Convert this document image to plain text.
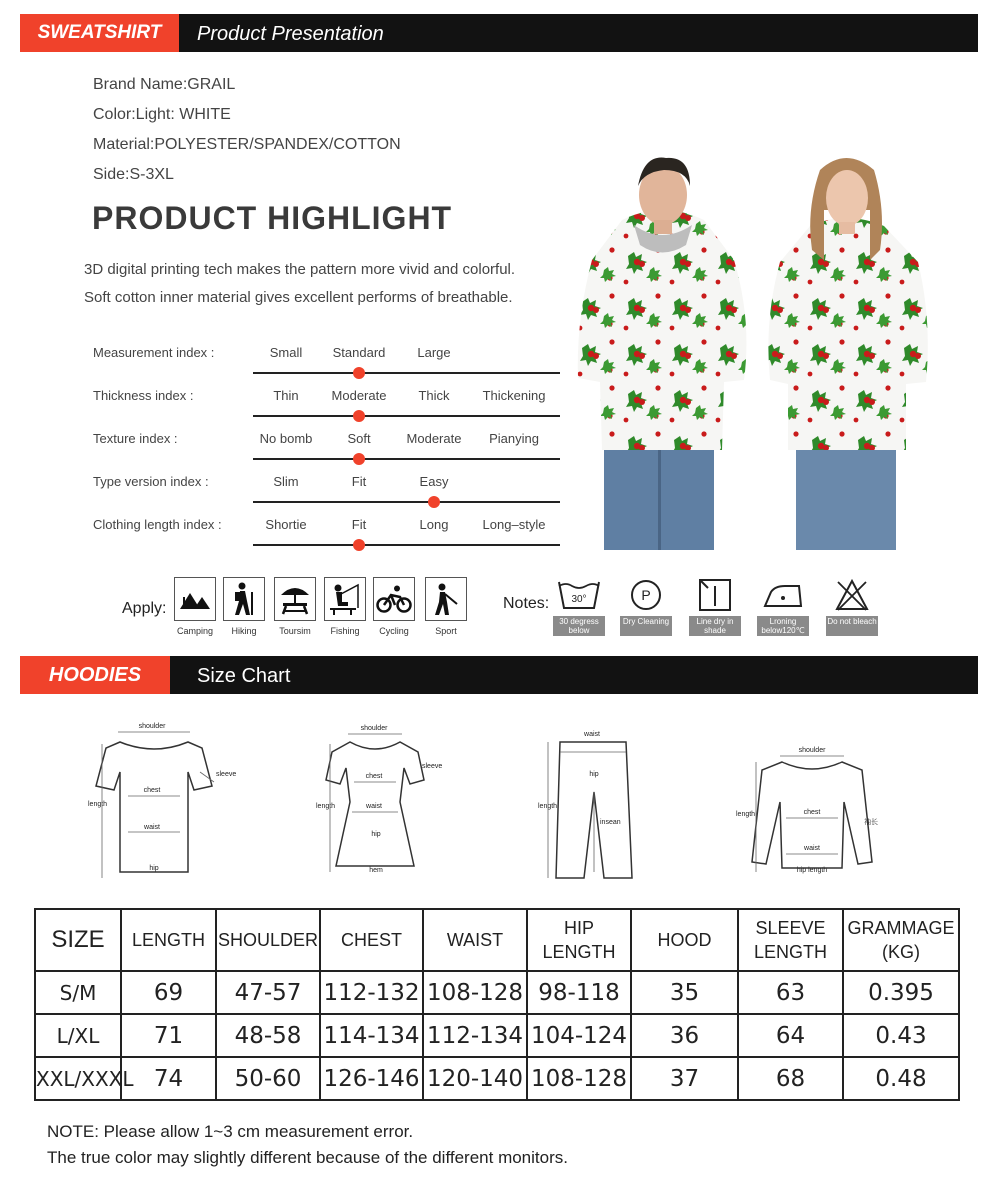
SWEATSHIRT	Product Presentation
Brand Name:GRAIL
Color:Light: WHITE
Material:POLYESTER/SPANDEX/COTTON
Side:S-3XL
PRODUCT HIGHLIGHT
3D digital printing tech makes the pattern more vivid and colorful.
Soft cotton inner material gives excellent performs of breathable.
Measurement index :	Small Standard Large
Thickness index :	Thin	Moderate Thick	Thickening
Texture index :	No bomb	Soft	Moderate Pianying
Type version index :	Slim	Fit	Easy
Clothing length index :	Shortie	Fit	Long	Long–style
Apply:
Camping	Hiking	Toursim	Fishing	Cycling	Sport
Notes: 30°
30 degress below
P
Dry Cleaning	Line dry in shade
Lroning below120℃
Do not bleach
HOODIES	Size Chart
shoulder
sleeve
chest
length
waist
hip
shoulder
sleeve
chest
length	waist
hip
hem
waist
hip
length
insean
shoulder
chest
length
waist
hip length
袖长
SIZE	LENGTH	SHOULDER	CHEST	WAIST	HIP LENGTH	HOOD	SLEEVE LENGTH	GRAMMAGE (KG)
S/M	69	47-57	112-132	108-128	98-118	35	63	0.395
L/XL	71	48-58	114-134	112-134	104-124	36	64	0.43
XXL/XXXL	74	50-60	126-146	120-140	108-128	37	68	0.48
NOTE: Please allow 1~3 cm measurement error.
The true color may slightly different because of the different monitors.
